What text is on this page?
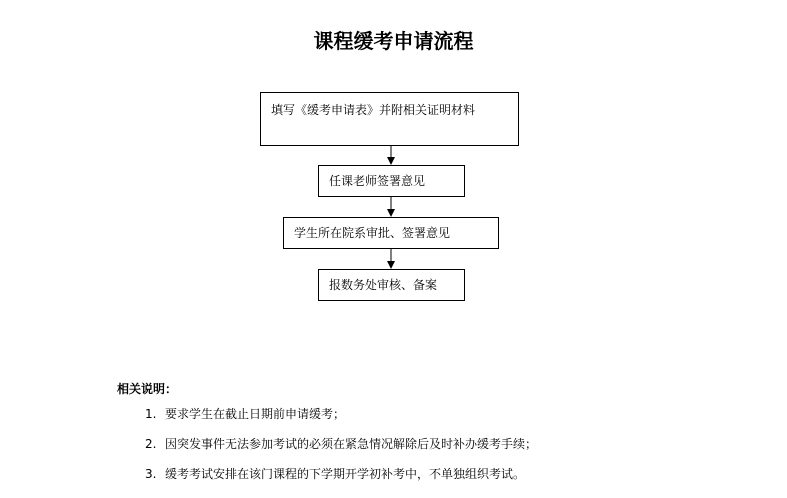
课程缓考申请流程
填写《缓考申请表》并附相关证明材料
任课老师签署意见
学生所在院系审批、签署意见
报数务处审核、备案
相关说明：
1. 要求学生在截止日期前申请缓考；
2. 因突发事件无法参加考试的必须在紧急情况解除后及时补办缓考手续；
3. 缓考考试安排在该门课程的下学期开学初补考中，不单独组织考试。
